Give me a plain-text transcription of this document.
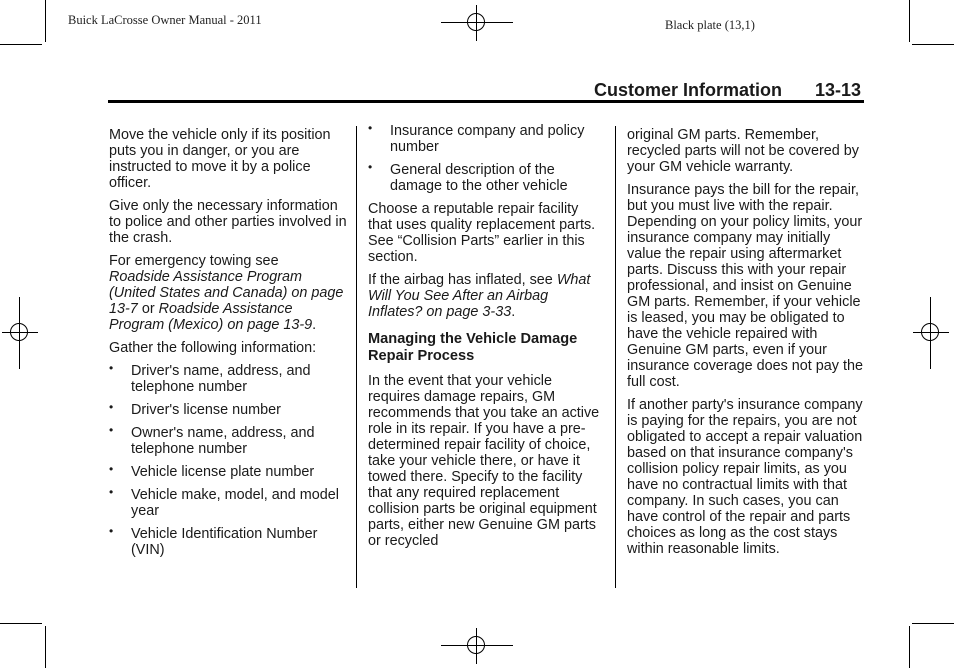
Buick LaCrosse Owner Manual - 2011	Black plate (13,1)
Customer Information 13-13

Move the vehicle only if its position puts you in danger, or you are instructed to move it by a police officer.

Give only the necessary information to police and other parties involved in the crash.

For emergency towing see
Roadside Assistance Program (United States and Canada) on page 13-7 or Roadside Assistance Program (Mexico) on page 13-9.

Gather the following information:

• Driver's name, address, and telephone number
• Driver's license number
• Owner's name, address, and telephone number
• Vehicle license plate number
• Vehicle make, model, and model year
• Vehicle Identification Number (VIN)
• Insurance company and policy number
• General description of the damage to the other vehicle

Choose a reputable repair facility that uses quality replacement parts. See “Collision Parts” earlier in this section.

If the airbag has inflated, see What Will You See After an Airbag Inflates? on page 3-33.

Managing the Vehicle Damage Repair Process

In the event that your vehicle requires damage repairs, GM recommends that you take an active role in its repair. If you have a pre-determined repair facility of choice, take your vehicle there, or have it towed there. Specify to the facility that any required replacement collision parts be original equipment parts, either new Genuine GM parts or recycled

original GM parts. Remember, recycled parts will not be covered by your GM vehicle warranty.

Insurance pays the bill for the repair, but you must live with the repair. Depending on your policy limits, your insurance company may initially value the repair using aftermarket parts. Discuss this with your repair professional, and insist on Genuine GM parts. Remember, if your vehicle is leased, you may be obligated to have the vehicle repaired with Genuine GM parts, even if your insurance coverage does not pay the full cost.

If another party's insurance company is paying for the repairs, you are not obligated to accept a repair valuation based on that insurance company's collision policy repair limits, as you have no contractual limits with that company. In such cases, you can have control of the repair and parts choices as long as the cost stays within reasonable limits.
